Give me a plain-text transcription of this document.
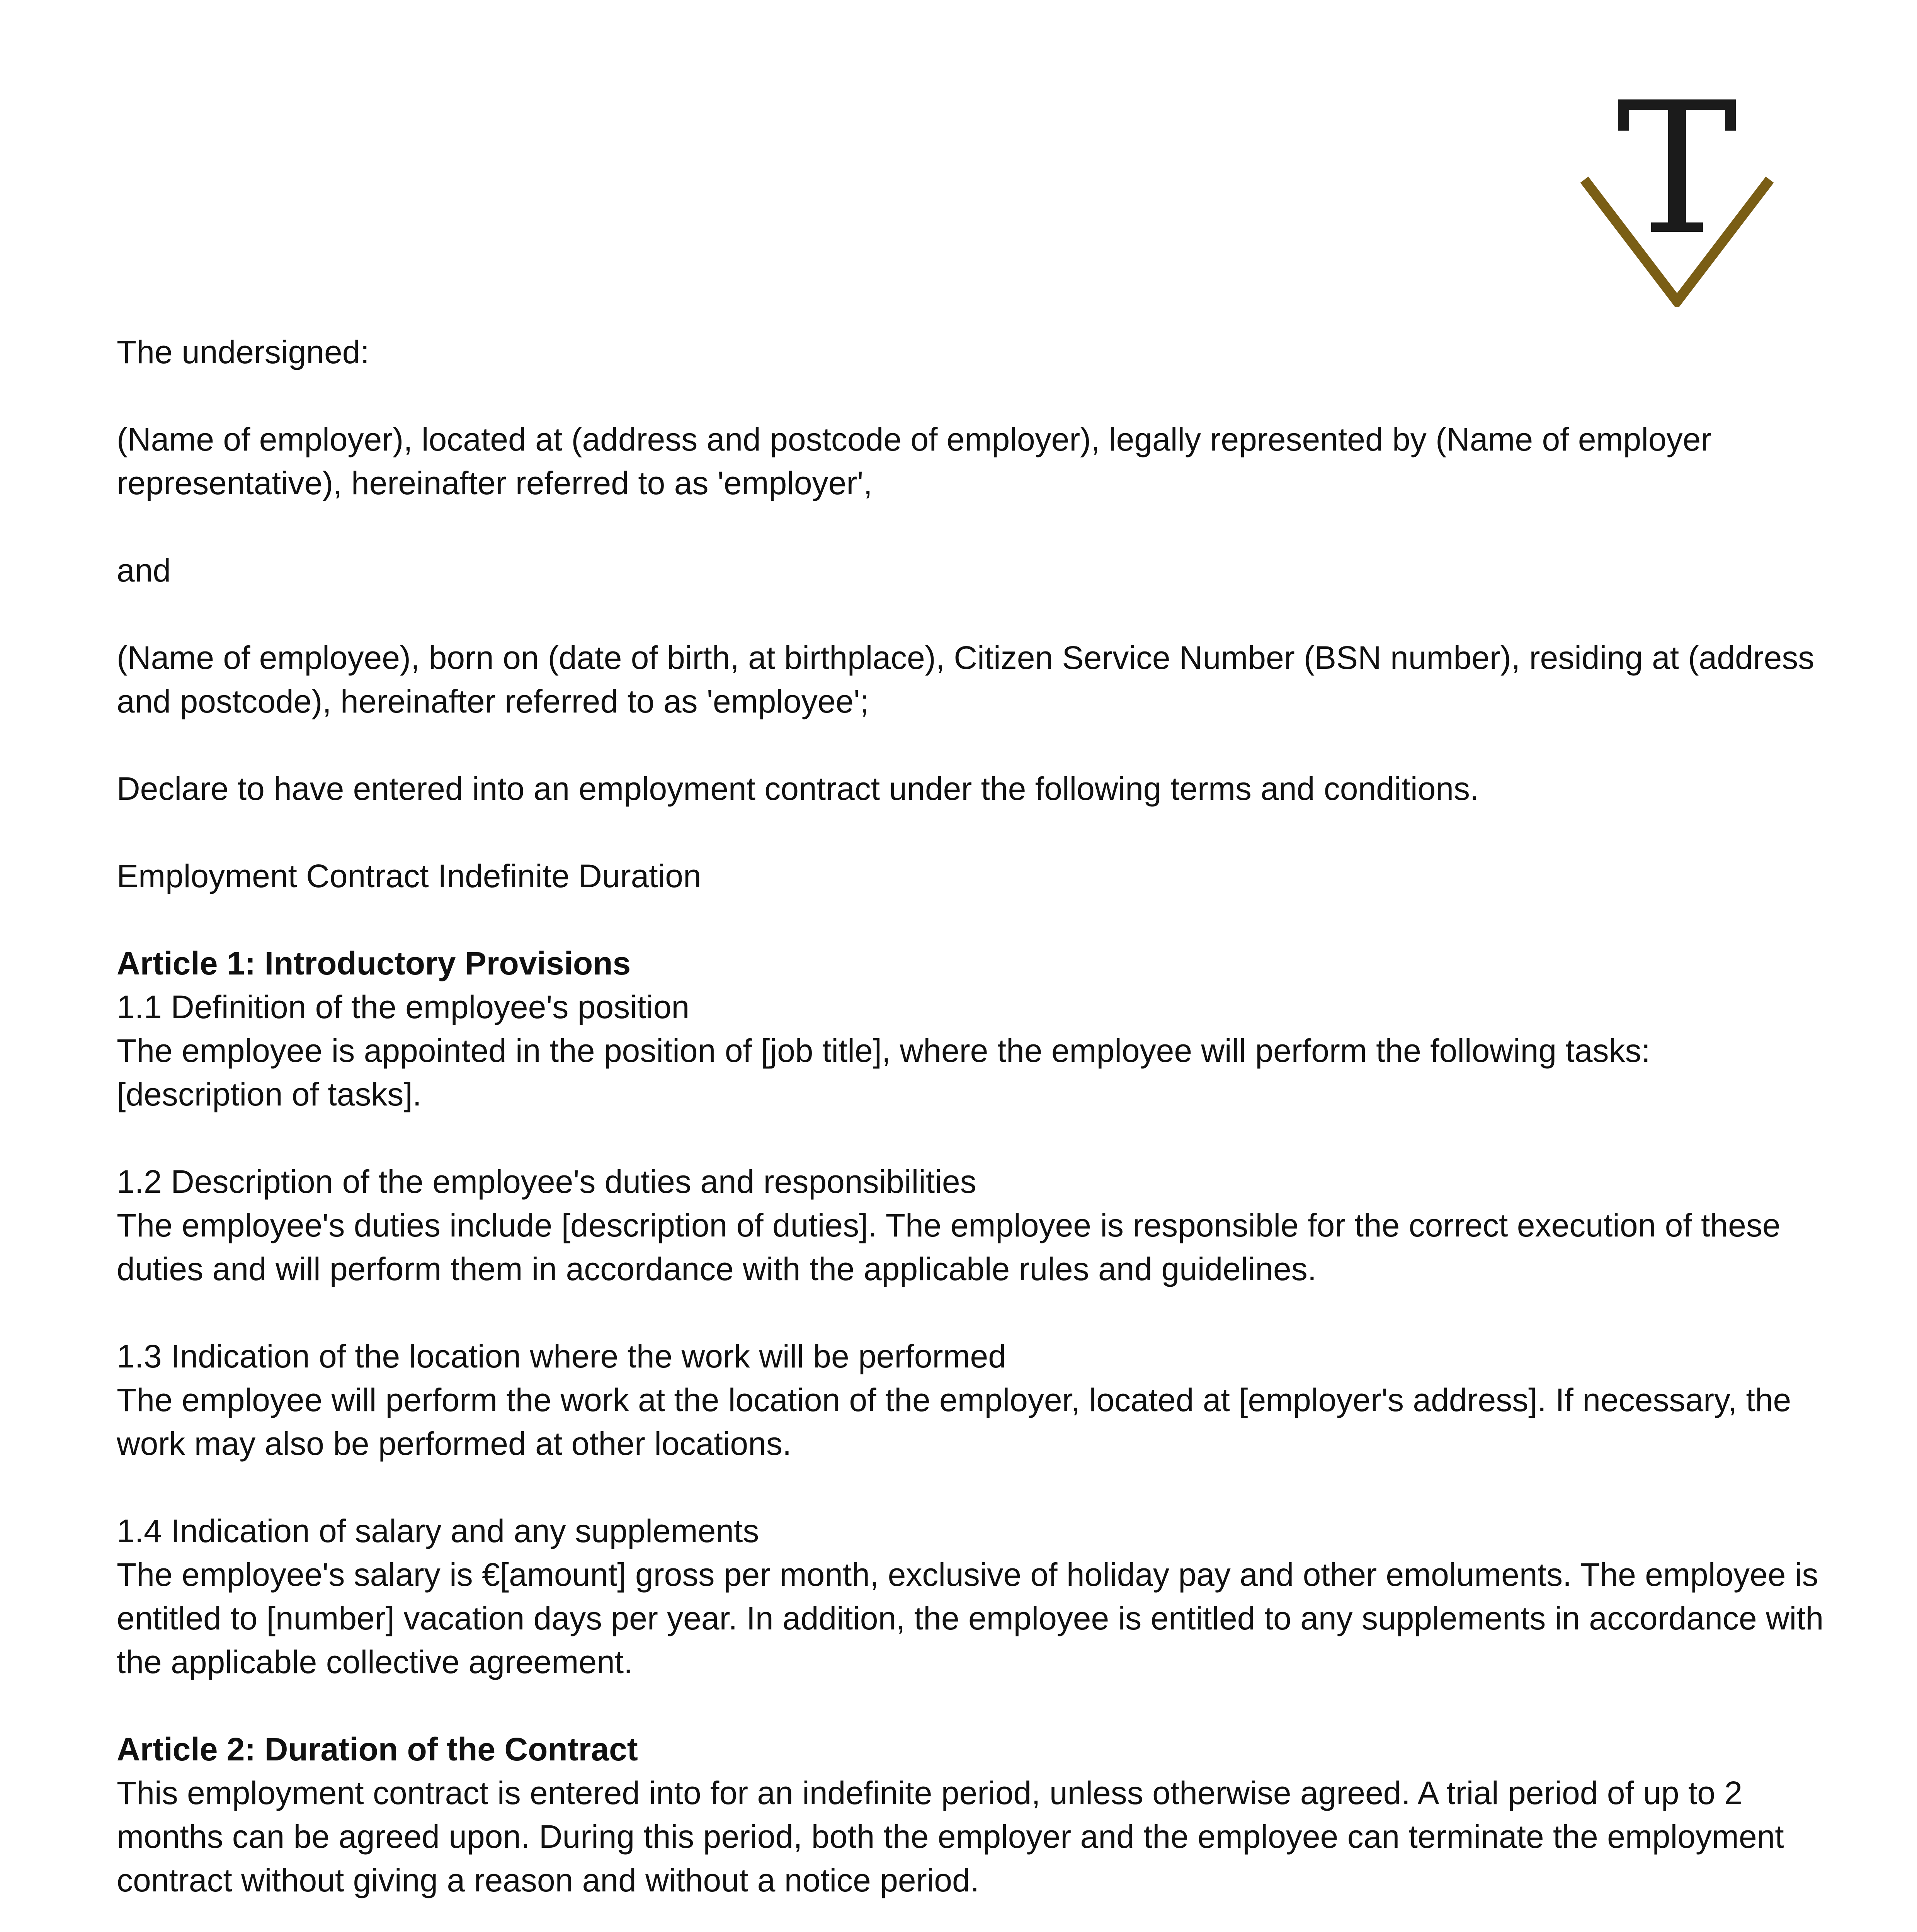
T

The undersigned:

(Name of employer), located at (address and postcode of employer), legally represented by (Name of employer representative), hereinafter referred to as 'employer',

and

(Name of employee), born on (date of birth, at birthplace), Citizen Service Number (BSN number), residing at (address and postcode), hereinafter referred to as 'employee';

Declare to have entered into an employment contract under the following terms and conditions.

Employment Contract Indefinite Duration

Article 1: Introductory Provisions
1.1 Definition of the employee's position
The employee is appointed in the position of [job title], where the employee will perform the following tasks: [description of tasks].
1.2 Description of the employee's duties and responsibilities
The employee's duties include [description of duties]. The employee is responsible for the correct execution of these duties and will perform them in accordance with the applicable rules and guidelines.
1.3 Indication of the location where the work will be performed
The employee will perform the work at the location of the employer, located at [employer's address]. If necessary, the work may also be performed at other locations.
1.4 Indication of salary and any supplements
The employee's salary is €[amount] gross per month, exclusive of holiday pay and other emoluments. The employee is entitled to [number] vacation days per year. In addition, the employee is entitled to any supplements in accordance with the applicable collective agreement.
Article 2: Duration of the Contract
This employment contract is entered into for an indefinite period, unless otherwise agreed. A trial period of up to 2 months can be agreed upon. During this period, both the employer and the employee can terminate the employment contract without giving a reason and without a notice period.
